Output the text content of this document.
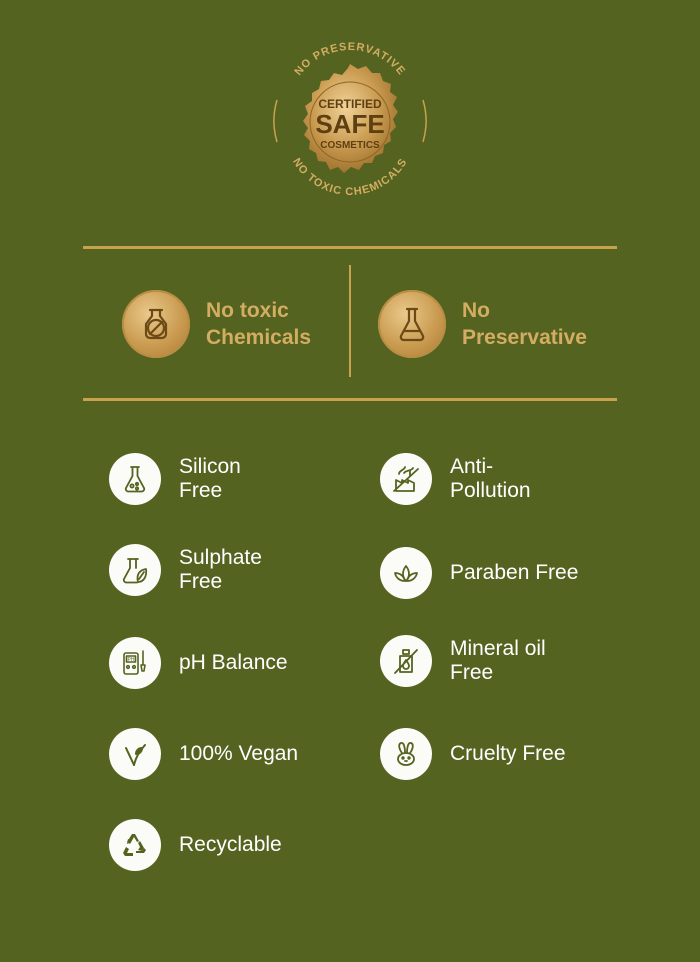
NO PRESERVATIVE
NO TOXIC CHEMICALS
CERTIFIED
SAFE
COSMETICS
No toxic
Chemicals
No
Preservative
Silicon
Free
Anti-
Pollution
Sulphate
Free	Paraben Free
PH pH Balance
Mineral oil
Free
100% Vegan	Cruelty Free
Recyclable
